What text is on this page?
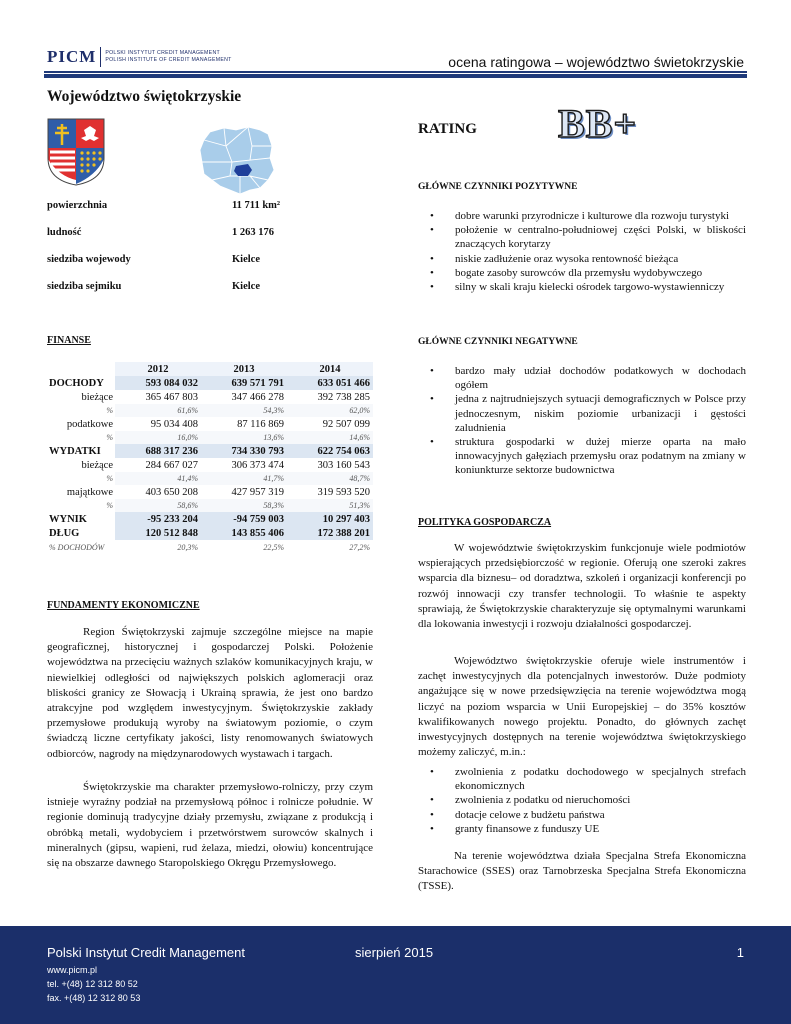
PICM POLSKI INSTYTUT CREDIT MANAGEMENT
POLISH INSTITUTE OF CREDIT MANAGEMENT	ocena ratingowa – województwo świetokrzyskie
Województwo świętokrzyskie
powierzchnia	11 711 km²
ludność	1 263 176
siedziba wojewody	Kielce
siedziba sejmiku	Kielce
FINANSE
	2012	2013	2014
DOCHODY	593 084 032	639 571 791	633 051 466
bieżące	365 467 803	347 466 278	392 738 285
%	61,6%	54,3%	62,0%
podatkowe	95 034 408	87 116 869	92 507 099
%	16,0%	13,6%	14,6%
WYDATKI	688 317 236	734 330 793	622 754 063
bieżące	284 667 027	306 373 474	303 160 543
%	41,4%	41,7%	48,7%
majątkowe	403 650 208	427 957 319	319 593 520
%	58,6%	58,3%	51,3%
WYNIK	-95 233 204	-94 759 003	10 297 403
DŁUG	120 512 848	143 855 406	172 388 201
% DOCHODÓW	20,3%	22,5%	27,2%
FUNDAMENTY EKONOMICZNE

Region Świętokrzyski zajmuje szczególne miejsce na mapie geograficznej, historycznej i gospodarczej Polski. Położenie województwa na przecięciu ważnych szlaków komunikacyjnych kraju, w niewielkiej odległości od największych polskich aglomeracji oraz bliskości granicy ze Słowacją i Ukrainą sprawia, że jest ono bardzo atrakcyjne pod względem inwestycyjnym. Świętokrzyskie zakłady przemysłowe produkują wyroby na światowym poziomie, o czym świadczą liczne certyfikaty jakości, listy renomowanych światowych odbiorców, nagrody na międzynarodowych wystawach i targach.

Świętokrzyskie ma charakter przemysłowo-rolniczy, przy czym istnieje wyraźny podział na przemysłową północ i rolnicze południe. W regionie dominują tradycyjne działy przemysłu, związane z produkcją i obróbką metali, wydobyciem i przetwórstwem surowców skalnych i mineralnych (gipsu, wapieni, rud żelaza, miedzi, ołowiu) koncentrujące się na obszarze dawnego Staropolskiego Okręgu Przemysłowego.

RATING BB+
GŁÓWNE CZYNNIKI POZYTYWNE
• dobre warunki przyrodnicze i kulturowe dla rozwoju turystyki
• położenie w centralno-południowej części Polski, w bliskości znaczących korytarzy
• niskie zadłużenie oraz wysoka rentowność bieżąca
• bogate zasoby surowców dla przemysłu wydobywczego
• silny w skali kraju kielecki ośrodek targowo-wystawienniczy
GŁÓWNE CZYNNIKI NEGATYWNE
• bardzo mały udział dochodów podatkowych w dochodach ogółem
• jedna z najtrudniejszych sytuacji demograficznych w Polsce przy jednoczesnym, niskim poziomie urbanizacji i gęstości zaludnienia
• struktura gospodarki w dużej mierze oparta na mało innowacyjnych gałęziach przemysłu oraz podatnym na zmiany w koniunkturze sektorze budownictwa
POLITYKA GOSPODARCZA

W województwie świętokrzyskim funkcjonuje wiele podmiotów wspierających przedsiębiorczość w regionie. Oferują one szeroki zakres wsparcia dla biznesu– od doradztwa, szkoleń i organizacji konferencji po rozwój innowacji czy transfer technologii. To właśnie te aspekty sprawiają, że Świętokrzyskie charakteryzuje się optymalnymi warunkami dla lokowania inwestycji i rozwoju działalności gospodarczej.

Województwo świętokrzyskie oferuje wiele instrumentów i zachęt inwestycyjnych dla potencjalnych inwestorów. Duże podmioty angażujące się w nowe przedsięwzięcia na terenie województwa mogą liczyć na poziom wsparcia w Unii Europejskiej – do 35% kosztów kwalifikowanych nowego projektu. Ponadto, do głównych zachęt inwestycyjnych dostępnych na terenie województwa świętokrzyskiego możemy zaliczyć, m.in.:

• zwolnienia z podatku dochodowego w specjalnych strefach ekonomicznych
• zwolnienia z podatku od nieruchomości
• dotacje celowe z budżetu państwa
• granty finansowe z funduszy UE

Na terenie województwa działa Specjalna Strefa Ekonomiczna Starachowice (SSES) oraz Tarnobrzeska Specjalna Strefa Ekonomiczna (TSSE).

Polski Instytut Credit Management	sierpień 2015	1
www.picm.pl
tel. +(48) 12 312 80 52
fax. +(48) 12 312 80 53
